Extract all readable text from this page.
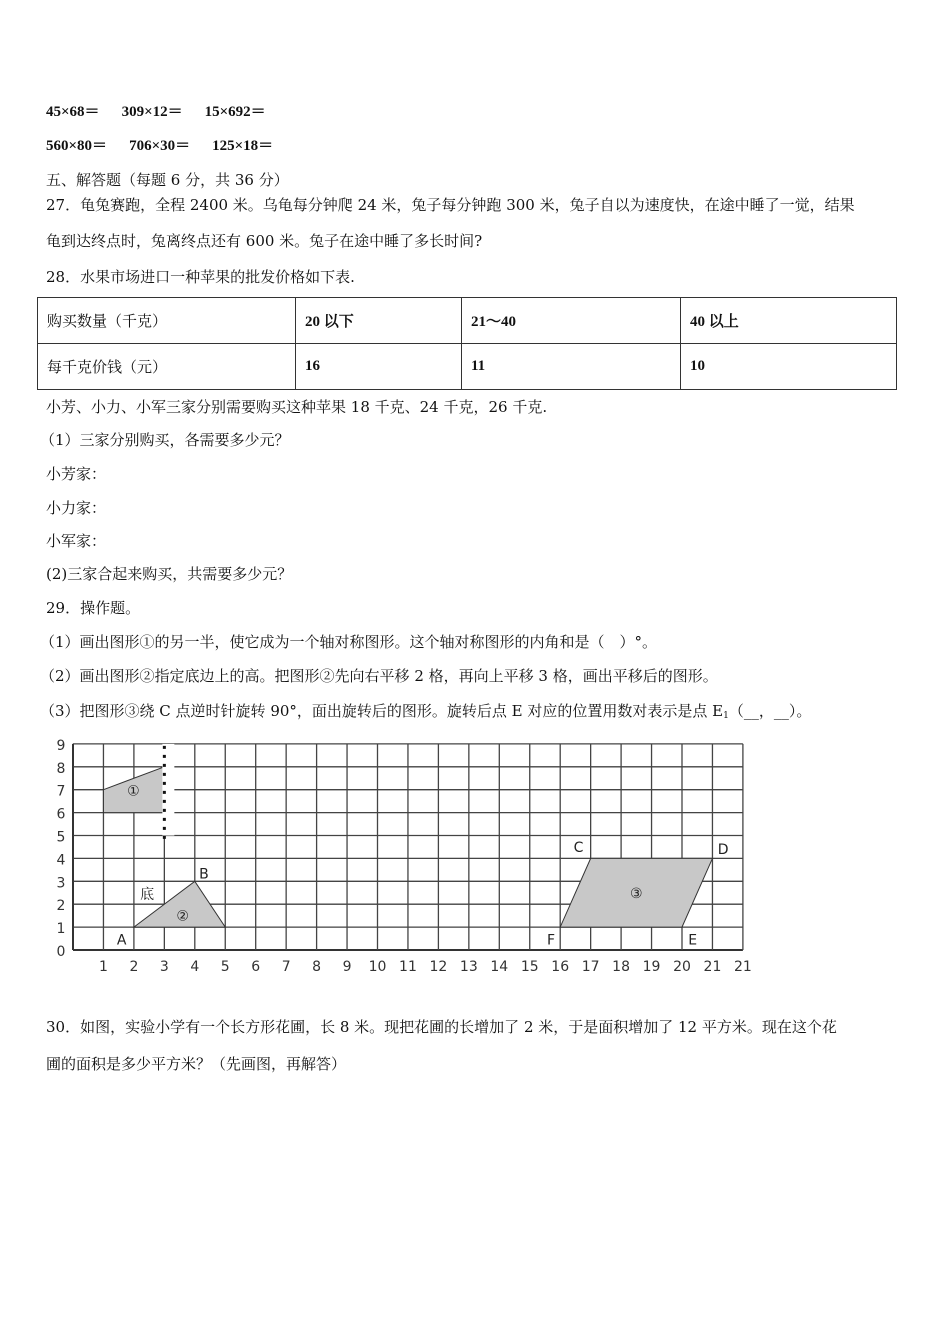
45×68＝ 309×12＝ 15×692＝
560×80＝ 706×30＝ 125×18＝
五、解答题（每题 6 分，共 36 分）
27．龟兔赛跑，全程 2400 米。乌龟每分钟爬 24 米，兔子每分钟跑 300 米，兔子自以为速度快，在途中睡了一觉，结果
龟到达终点时，兔离终点还有 600 米。兔子在途中睡了多长时间?
28．水果市场进口一种苹果的批发价格如下表.
购买数量（千克）	20 以下	21～40	40 以上
每千克价钱（元）	16	11	10
小芳、小力、小军三家分别需要购买这种苹果 18 千克、24 千克，26 千克.
（1）三家分别购买，各需要多少元？
小芳家：
小力家：
小军家：
(2)三家合起来购买，共需要多少元？
29．操作题。
（1）画出图形①的另一半，使它成为一个轴对称图形。这个轴对称图形的内角和是（　）°。
（2）画出图形②指定底边上的高。把图形②先向右平移 2 格，再向上平移 3 格，画出平移后的图形。
（3）把图形③绕 C 点逆时针旋转 90°，面出旋转后的图形。旋转后点 E 对应的位置用数对表示是点 $E_1(\_\_$，__）。
1 2 3 4 5 6 7 8 9 10 11 12 13 14 15 16 17 18 19 20 21 21
0
1
2
3
4
5
6
7
8
9
①
②
③
底
A
B
C	D
E
F
30．如图，实验小学有一个长方形花圃，长 8 米。现把花圃的长增加了 2 米，于是面积增加了 12 平方米。现在这个花
圃的面积是多少平方米？（先画图，再解答）
